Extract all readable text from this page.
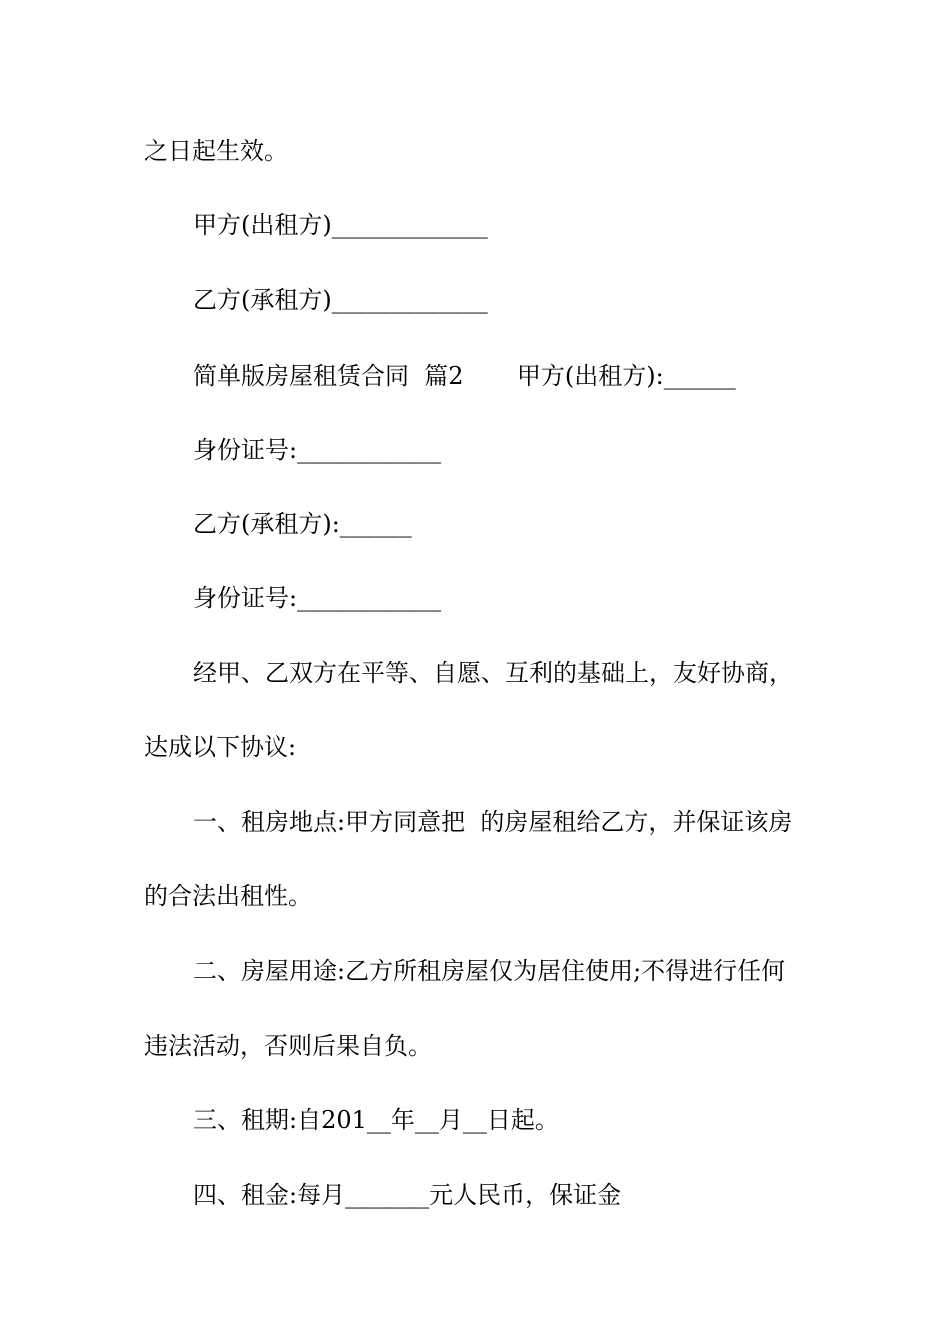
之日起生效。
甲方(出租方)_____________
乙方(承租方)_____________
简单版房屋租赁合同  篇2       甲方(出租方):______
身份证号:____________
乙方(承租方):______
身份证号:____________
经甲、乙双方在平等、自愿、互利的基础上，友好协商，
达成以下协议:
一、租房地点:甲方同意把  的房屋租给乙方，并保证该房
的合法出租性。
二、房屋用途:乙方所租房屋仅为居住使用;不得进行任何
违法活动，否则后果自负。
三、租期:自201__年__月__日起。
四、租金:每月_______元人民币，保证金
